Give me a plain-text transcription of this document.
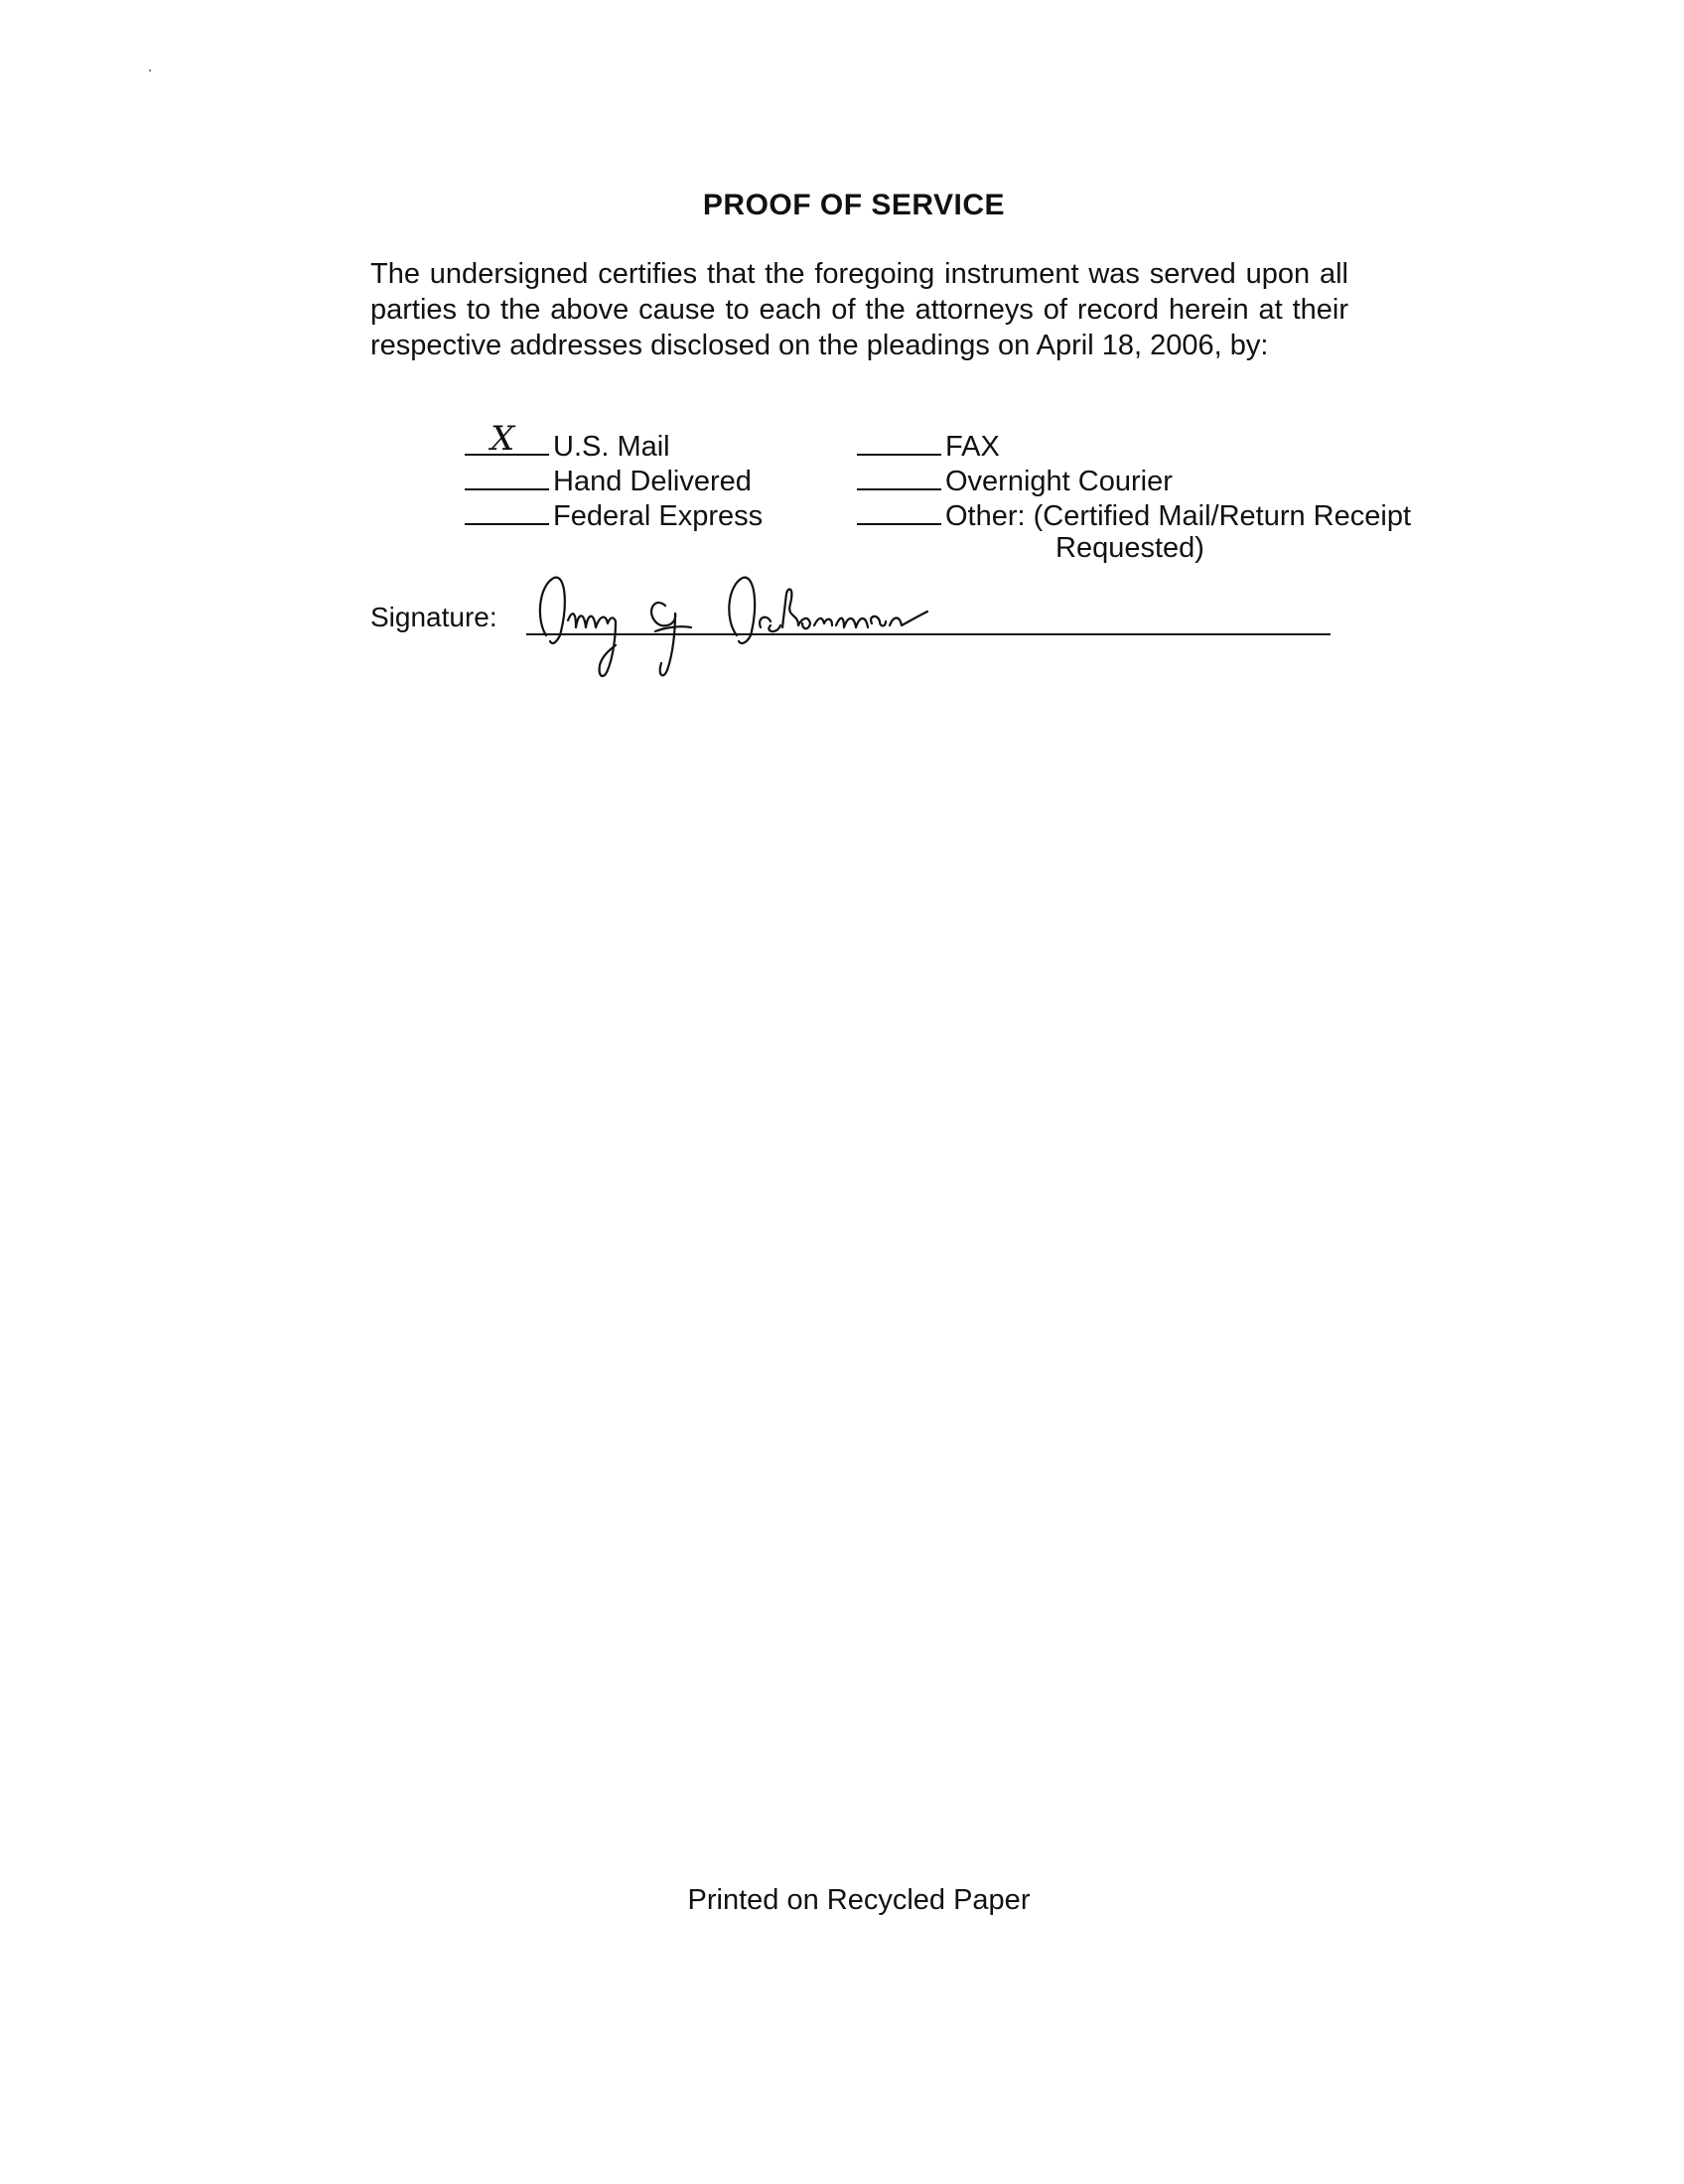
PROOF OF SERVICE
The undersigned certifies that the foregoing instrument was served upon all parties to the above cause to each of the attorneys of record herein at their respective addresses disclosed on the pleadings on April 18, 2006, by:
X U.S. Mail
Hand Delivered
Federal Express
FAX
Overnight Courier
Other: (Certified Mail/Return Receipt
Requested)
Signature:
Printed on Recycled Paper
